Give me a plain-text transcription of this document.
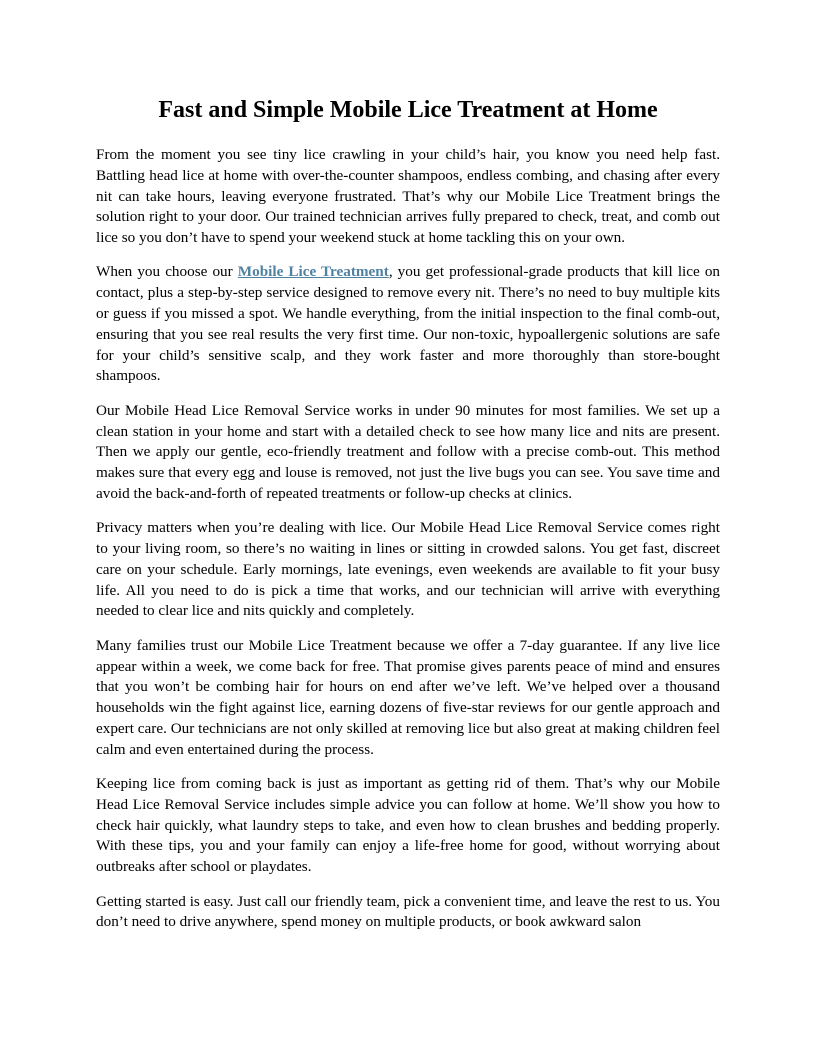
Fast and Simple Mobile Lice Treatment at Home

From the moment you see tiny lice crawling in your child’s hair, you know you need help fast. Battling head lice at home with over-the-counter shampoos, endless combing, and chasing after every nit can take hours, leaving everyone frustrated. That’s why our Mobile Lice Treatment brings the solution right to your door. Our trained technician arrives fully prepared to check, treat, and comb out lice so you don’t have to spend your weekend stuck at home tackling this on your own.

When you choose our Mobile Lice Treatment, you get professional-grade products that kill lice on contact, plus a step-by-step service designed to remove every nit. There’s no need to buy multiple kits or guess if you missed a spot. We handle everything, from the initial inspection to the final comb-out, ensuring that you see real results the very first time. Our non-toxic, hypoallergenic solutions are safe for your child’s sensitive scalp, and they work faster and more thoroughly than store-bought shampoos.

Our Mobile Head Lice Removal Service works in under 90 minutes for most families. We set up a clean station in your home and start with a detailed check to see how many lice and nits are present. Then we apply our gentle, eco-friendly treatment and follow with a precise comb-out. This method makes sure that every egg and louse is removed, not just the live bugs you can see. You save time and avoid the back-and-forth of repeated treatments or follow-up checks at clinics.

Privacy matters when you’re dealing with lice. Our Mobile Head Lice Removal Service comes right to your living room, so there’s no waiting in lines or sitting in crowded salons. You get fast, discreet care on your schedule. Early mornings, late evenings, even weekends are available to fit your busy life. All you need to do is pick a time that works, and our technician will arrive with everything needed to clear lice and nits quickly and completely.

Many families trust our Mobile Lice Treatment because we offer a 7-day guarantee. If any live lice appear within a week, we come back for free. That promise gives parents peace of mind and ensures that you won’t be combing hair for hours on end after we’ve left. We’ve helped over a thousand households win the fight against lice, earning dozens of five-star reviews for our gentle approach and expert care. Our technicians are not only skilled at removing lice but also great at making children feel calm and even entertained during the process.

Keeping lice from coming back is just as important as getting rid of them. That’s why our Mobile Head Lice Removal Service includes simple advice you can follow at home. We’ll show you how to check hair quickly, what laundry steps to take, and even how to clean brushes and bedding properly. With these tips, you and your family can enjoy a life-free home for good, without worrying about outbreaks after school or playdates.

Getting started is easy. Just call our friendly team, pick a convenient time, and leave the rest to us. You don’t need to drive anywhere, spend money on multiple products, or book awkward salon
